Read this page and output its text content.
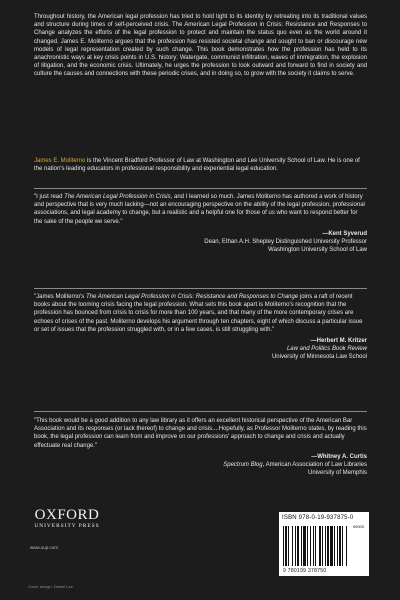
Throughout history, the American legal profession has tried to hold tight to its identity by retreating into its traditional values and structure during times of self-perceived crisis. The American Legal Profession in Crisis: Resistance and Responses to Change analyzes the efforts of the legal profession to protect and maintain the status quo even as the world around it changed. James E. Moliterno argues that the profession has resisted societal change and sought to ban or discourage new models of legal representation created by such change. This book demonstrates how the profession has held to its anachronistic ways at key crisis points in U.S. history: Watergate, communist infiltration, waves of immigration, the explosion of litigation, and the economic crisis. Ultimately, he urges the profession to look outward and forward to find in society and culture the causes and connections with these periodic crises, and in doing so, to grow with the society it claims to serve.

James E. Moliterno is the Vincent Bradford Professor of Law at Washington and Lee University School of Law. He is one of the nation's leading educators in professional responsibility and experiential legal education.

"I just read The American Legal Profession in Crisis, and I learned so much. James Moliterno has authored a work of history and perspective that is very much lacking—not an encouraging perspective on the ability of the legal profession, professional associations, and legal academy to change, but a realistic and a helpful one for those of us who want to respond better for the sake of the people we serve."

—Kent Syverud

Dean, Ethan A.H. Shepley Distinguished University Professor

Washington University School of Law

"James Moliterno's The American Legal Profession in Crisis: Resistance and Responses to Change joins a raft of recent books about the looming crisis facing the legal profession. What sets this book apart is Moliterno's recognition that the profession has bounced from crisis to crisis for more than 100 years, and that many of the more contemporary crises are echoes of crises of the past. Moliterno develops his argument through ten chapters, eight of which discuss a particular issue or set of issues that the profession struggled with, or in a few cases, is still struggling with."

—Herbert M. Kritzer

Law and Politics Book Review

University of Minnesota Law School

"This book would be a good addition to any law library as it offers an excellent historical perspective of the American Bar Association and its responses (or lack thereof) to change and crisis....Hopefully, as Professor Moliterno states, by reading this book, the legal profession can learn from and improve on our professions' approach to change and crisis and actually effectuate real change."

—Whitney A. Curtis

Spectrum Blog, American Association of Law Libraries

University of Memphis

OXFORD
UNIVERSITY PRESS
www.oup.com
Cover design: Daniel Lee
ISBN 978-0-19-937875-0
90000
9 780199 378750
